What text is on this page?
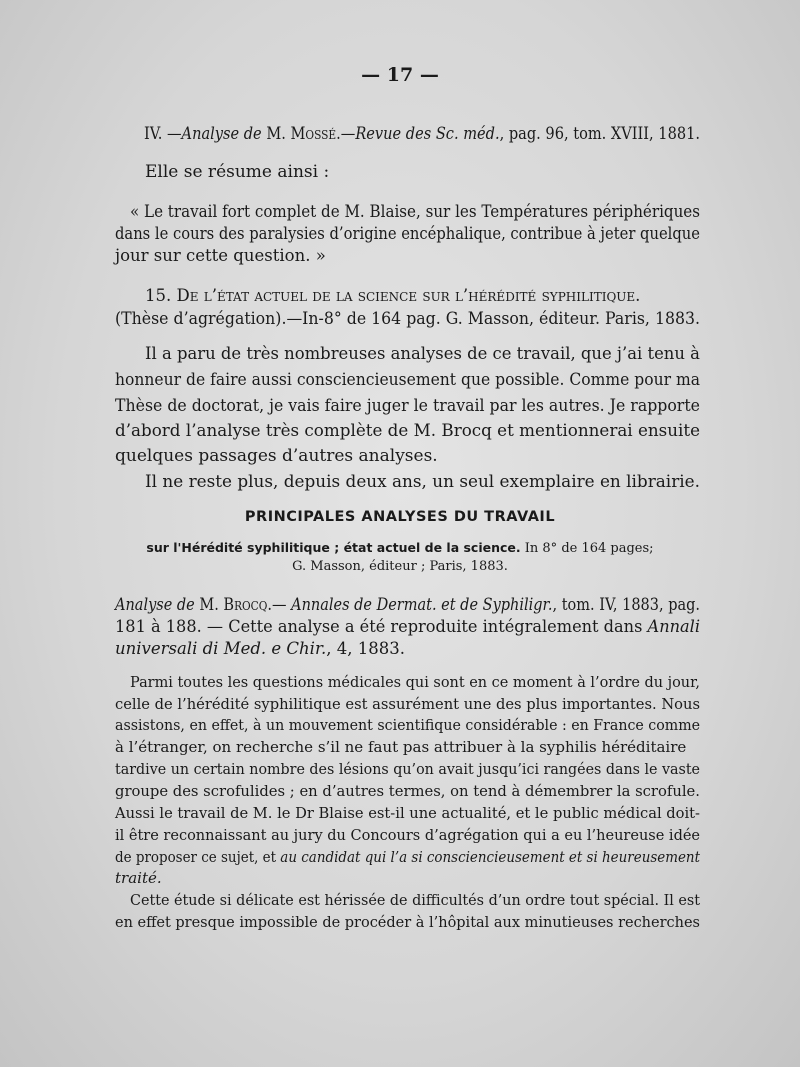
— 17 —
IV. —Analyse de M. Mossé.—Revue des Sc. méd., pag. 96, tom. XVIII, 1881.
Elle se résume ainsi :
« Le travail fort complet de M. Blaise, sur les Températures périphériques
dans le cours des paralysies d’origine encéphalique, contribue à jeter quelque
jour sur cette question. »
15. De l’état actuel de la science sur l’hérédité syphilitique.
(Thèse d’agrégation).—In-8° de 164 pag. G. Masson, éditeur. Paris, 1883.
Il a paru de très nombreuses analyses de ce travail, que j’ai tenu à
honneur de faire aussi consciencieusement que possible. Comme pour ma
Thèse de doctorat, je vais faire juger le travail par les autres. Je rapporte
d’abord l’analyse très complète de M. Brocq et mentionnerai ensuite
quelques passages d’autres analyses.
Il ne reste plus, depuis deux ans, un seul exemplaire en librairie.
PRINCIPALES ANALYSES DU TRAVAIL
sur l'Hérédité syphilitique ; état actuel de la science. In 8° de 164 pages;
G. Masson, éditeur ; Paris, 1883.
Analyse de M. Brocq.— Annales de Dermat. et de Syphiligr., tom. IV, 1883, pag.
181 à 188. — Cette analyse a été reproduite intégralement dans Annali
universali di Med. e Chir., 4, 1883.
Parmi toutes les questions médicales qui sont en ce moment à l’ordre du jour,
celle de l’hérédité syphilitique est assurément une des plus importantes. Nous
assistons, en effet, à un mouvement scientifique considérable : en France comme
à l’étranger, on recherche s’il ne faut pas attribuer à la syphilis héréditaire
tardive un certain nombre des lésions qu’on avait jusqu’ici rangées dans le vaste
groupe des scrofulides ; en d’autres termes, on tend à démembrer la scrofule.
Aussi le travail de M. le Dr Blaise est-il une actualité, et le public médical doit-
il être reconnaissant au jury du Concours d’agrégation qui a eu l’heureuse idée
de proposer ce sujet, et au candidat qui l’a si consciencieusement et si heureusement
traité.
Cette étude si délicate est hérissée de difficultés d’un ordre tout spécial. Il est
en effet presque impossible de procéder à l’hôpital aux minutieuses recherches
